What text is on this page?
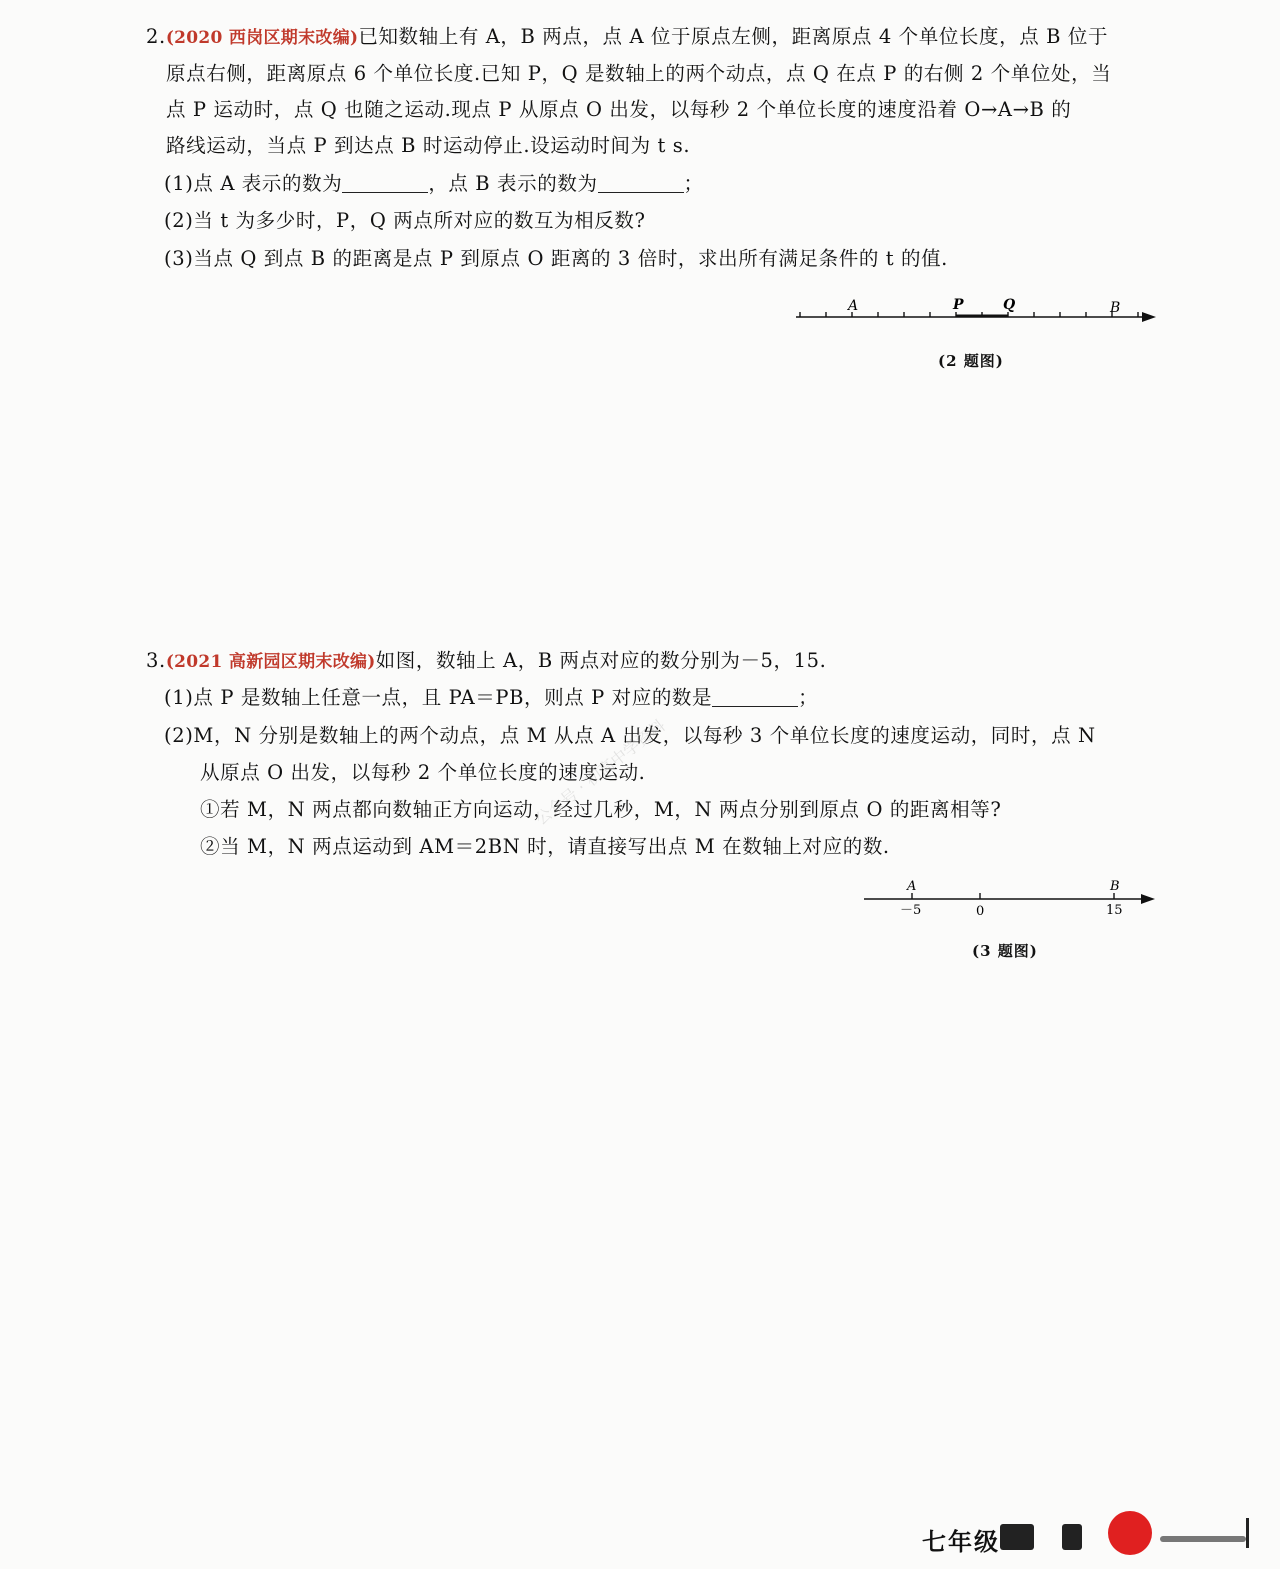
2.(2020 西岗区期末改编)已知数轴上有 A，B 两点，点 A 位于原点左侧，距离原点 4 个单位长度，点 B 位于
原点右侧，距离原点 6 个单位长度.已知 P，Q 是数轴上的两个动点，点 Q 在点 P 的右侧 2 个单位处，当
点 P 运动时，点 Q 也随之运动.现点 P 从原点 O 出发，以每秒 2 个单位长度的速度沿着 O→A→B 的
路线运动，当点 P 到达点 B 时运动停止.设运动时间为 t s.
(1)点 A 表示的数为	，点 B 表示的数为	；
(2)当 t 为多少时，P，Q 两点所对应的数互为相反数?
(3)当点 Q 到点 B 的距离是点 P 到原点 O 距离的 3 倍时，求出所有满足条件的 t 的值.
A	P	Q	B
(2 题图)
3.(2021 高新园区期末改编)如图，数轴上 A，B 两点对应的数分别为－5，15.
(1)点 P 是数轴上任意一点，且 PA＝PB，则点 P 对应的数是	；
(2)M，N 分别是数轴上的两个动点，点 M 从点 A 出发，以每秒 3 个单位长度的速度运动，同时，点 N
从原点 O 出发，以每秒 2 个单位长度的速度运动.
①若 M，N 两点都向数轴正方向运动，经过几秒，M，N 两点分别到原点 O 的距离相等?
②当 M，N 两点运动到 AM＝2BN 时，请直接写出点 M 在数轴上对应的数.
A	B
－5	0	15
(3 题图)
公众号 · 初高中学资料
七年级
